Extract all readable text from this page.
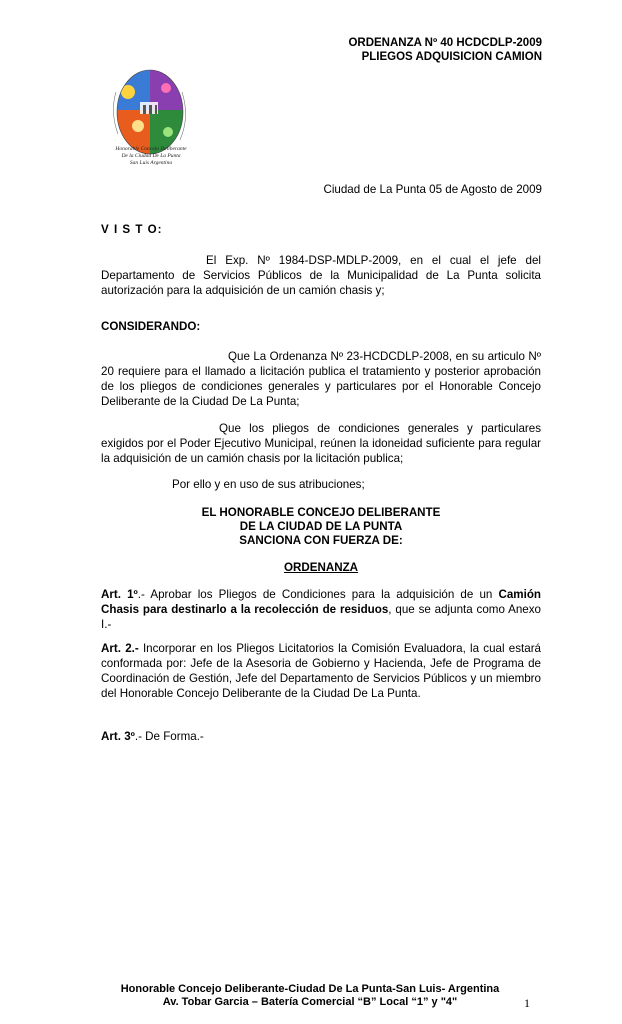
ORDENANZA Nº 40 HCDCDLP-2009
PLIEGOS ADQUISICION CAMION
Honorable Concejo Deliberante
De la Ciudad De La Punta
San Luis Argentina
Ciudad de La Punta 05 de Agosto de 2009
V I S T O:
El Exp. Nº 1984-DSP-MDLP-2009, en el cual el jefe del Departamento de Servicios Públicos de la Municipalidad de La Punta solicita autorización para la adquisición de un camión chasis y;
CONSIDERANDO:
Que La Ordenanza Nº 23-HCDCDLP-2008, en su articulo Nº 20 requiere para el llamado a licitación publica el tratamiento y posterior aprobación de los pliegos de condiciones generales y particulares por el Honorable Concejo Deliberante de la Ciudad De La Punta;
Que los pliegos de condiciones generales y particulares exigidos por el Poder Ejecutivo Municipal, reúnen la idoneidad suficiente para regular la adquisición de un camión chasis por la licitación publica;
Por ello y en uso de sus atribuciones;
EL HONORABLE CONCEJO DELIBERANTE
DE LA CIUDAD DE LA PUNTA
SANCIONA CON FUERZA DE:
ORDENANZA
Art. 1º.- Aprobar los Pliegos de Condiciones para la adquisición de un Camión Chasis para destinarlo a la recolección de residuos, que se adjunta como Anexo I.-
Art. 2.- Incorporar en los Pliegos Licitatorios la Comisión Evaluadora, la cual estará conformada por: Jefe de la Asesoria de Gobierno y Hacienda, Jefe de Programa de Coordinación de Gestión, Jefe del Departamento de Servicios Públicos y un miembro del Honorable Concejo Deliberante de la Ciudad De La Punta.
Art. 3º.- De Forma.-
Honorable Concejo Deliberante-Ciudad De La Punta-San Luis- Argentina
Av. Tobar Garcia – Batería Comercial “B” Local “1” y "4"	1
